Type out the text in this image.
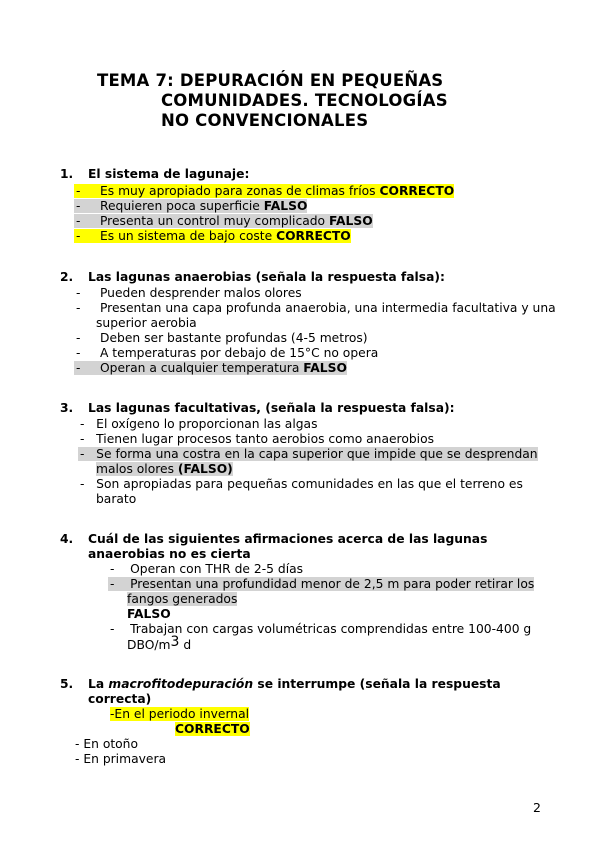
TEMA 7: DEPURACIÓN EN PEQUEÑAS
COMUNIDADES. TECNOLOGÍAS
NO CONVENCIONALES
1. El sistema de lagunaje:
- Es muy apropiado para zonas de climas fríos CORRECTO
- Requieren poca superficie FALSO
- Presenta un control muy complicado FALSO
- Es un sistema de bajo coste CORRECTO
2. Las lagunas anaerobias (señala la respuesta falsa):
- Pueden desprender malos olores
- Presentan una capa profunda anaerobia, una intermedia facultativa y una
superior aerobia
- Deben ser bastante profundas (4-5 metros)
- A temperaturas por debajo de 15°C no opera
- Operan a cualquier temperatura FALSO
3. Las lagunas facultativas, (señala la respuesta falsa):
- El oxígeno lo proporcionan las algas
- Tienen lugar procesos tanto aerobios como anaerobios
- Se forma una costra en la capa superior que impide que se desprendan
malos olores (FALSO)
- Son apropiadas para pequeñas comunidades en las que el terreno es
barato
4. Cuál de las siguientes afirmaciones acerca de las lagunas
anaerobias no es cierta
- Operan con THR de 2-5 días
- Presentan una profundidad menor de 2,5 m para poder retirar los
fangos generados
FALSO
- Trabajan con cargas volumétricas comprendidas entre 100-400 g
DBO/m3 d
5. La macrofitodepuración se interrumpe (señala la respuesta
correcta)
-En el periodo invernal
CORRECTO
- En otoño
- En primavera
2
